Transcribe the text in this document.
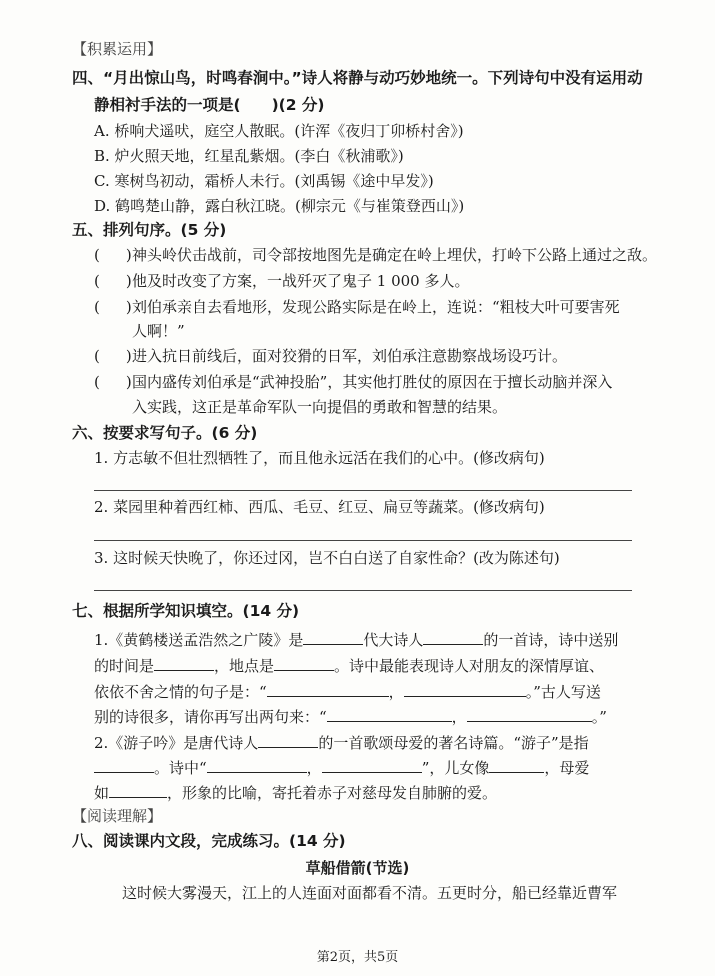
【积累运用】
四、“月出惊山鸟，时鸣春涧中。”诗人将静与动巧妙地统一。下列诗句中没有运用动
静相衬手法的一项是(　　)(2 分)
A. 桥响犬遥吠，庭空人散眠。(许浑《夜归丁卯桥村舍》)
B. 炉火照天地，红星乱紫烟。(李白《秋浦歌》)
C. 寒树鸟初动，霜桥人未行。(刘禹锡《途中早发》)
D. 鹤鸣楚山静，露白秋江晓。(柳宗元《与崔策登西山》)
五、排列句序。(5 分)
( )神头岭伏击战前，司令部按地图先是确定在岭上埋伏，打岭下公路上通过之敌。
( )他及时改变了方案，一战歼灭了鬼子 1 000 多人。
( )刘伯承亲自去看地形，发现公路实际是在岭上，连说：“粗枝大叶可要害死
人啊！”
( )进入抗日前线后，面对狡猾的日军，刘伯承注意勘察战场设巧计。
( )国内盛传刘伯承是“武神投胎”，其实他打胜仗的原因在于擅长动脑并深入
入实践，这正是革命军队一向提倡的勇敢和智慧的结果。
六、按要求写句子。(6 分)
1. 方志敏不但壮烈牺牲了，而且他永远活在我们的心中。(修改病句)
2. 菜园里种着西红柿、西瓜、毛豆、红豆、扁豆等蔬菜。(修改病句)
3. 这时候天快晚了，你还过冈，岂不白白送了自家性命？(改为陈述句)
七、根据所学知识填空。(14 分)
1.《黄鹤楼送孟浩然之广陵》是	代大诗人	的一首诗，诗中送别
的时间是	，地点是	。诗中最能表现诗人对朋友的深情厚谊、
依依不舍之情的句子是：“	，	。”古人写送
别的诗很多，请你再写出两句来：“	，	。”
2.《游子吟》是唐代诗人	的一首歌颂母爱的著名诗篇。“游子”是指
。诗中“	，	”，儿女像	，母爱
如	，形象的比喻，寄托着赤子对慈母发自肺腑的爱。
【阅读理解】
八、阅读课内文段，完成练习。(14 分)
草船借箭(节选)
这时候大雾漫天，江上的人连面对面都看不清。五更时分，船已经靠近曹军
第2页，共5页
